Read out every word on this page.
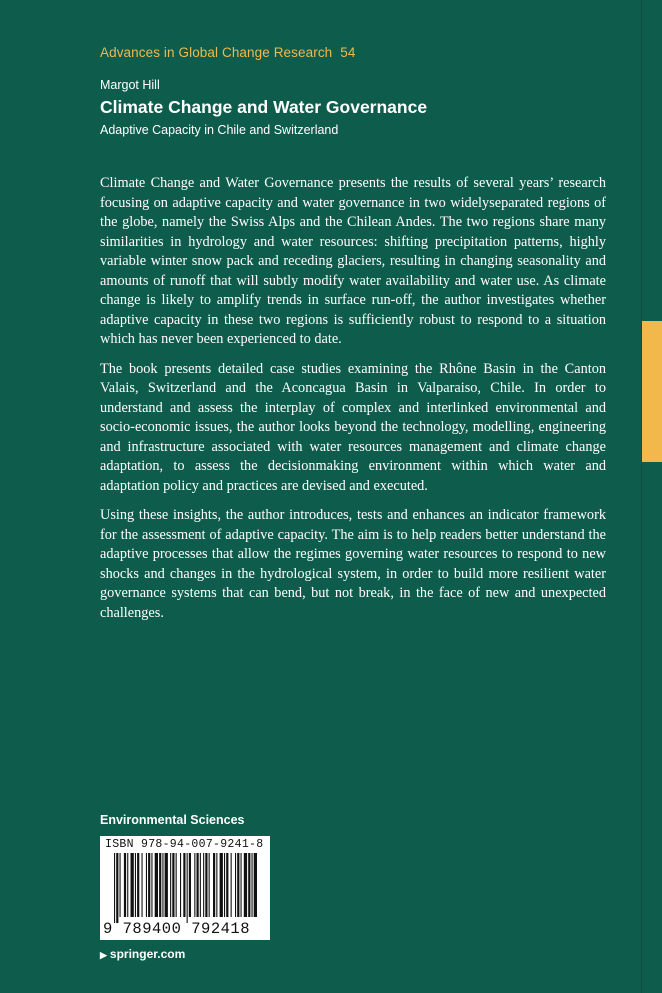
Advances in Global Change Research 54
Margot Hill
Climate Change and Water Governance
Adaptive Capacity in Chile and Switzerland

Climate Change and Water Governance presents the results of several years’ research focusing on adaptive capacity and water governance in two widelyseparated regions of the globe, namely the Swiss Alps and the Chilean Andes. The two regions share many similarities in hydrology and water resources: shifting precipitation patterns, highly variable winter snow pack and receding glaciers, resulting in changing seasonality and amounts of runoff that will subtly modify water availability and water use. As climate change is likely to amplify trends in surface run-off, the author investigates whether adaptive capacity in these two regions is sufficiently robust to respond to a situation which has never been experienced to date.

The book presents detailed case studies examining the Rhône Basin in the Canton Valais, Switzerland and the Aconcagua Basin in Valparaiso, Chile. In order to understand and assess the interplay of complex and interlinked environmental and socio-economic issues, the author looks beyond the technology, modelling, engineering and infrastructure associated with water resources management and climate change adaptation, to assess the decisionmaking environment within which water and adaptation policy and practices are devised and executed.

Using these insights, the author introduces, tests and enhances an indicator framework for the assessment of adaptive capacity. The aim is to help readers better understand the adaptive processes that allow the regimes governing water resources to respond to new shocks and changes in the hydrological system, in order to build more resilient water governance systems that can bend, but not break, in the face of new and unexpected challenges.

Environmental Sciences
ISBN 978-94-007-9241-8
9 789400 792418
▶ springer.com
